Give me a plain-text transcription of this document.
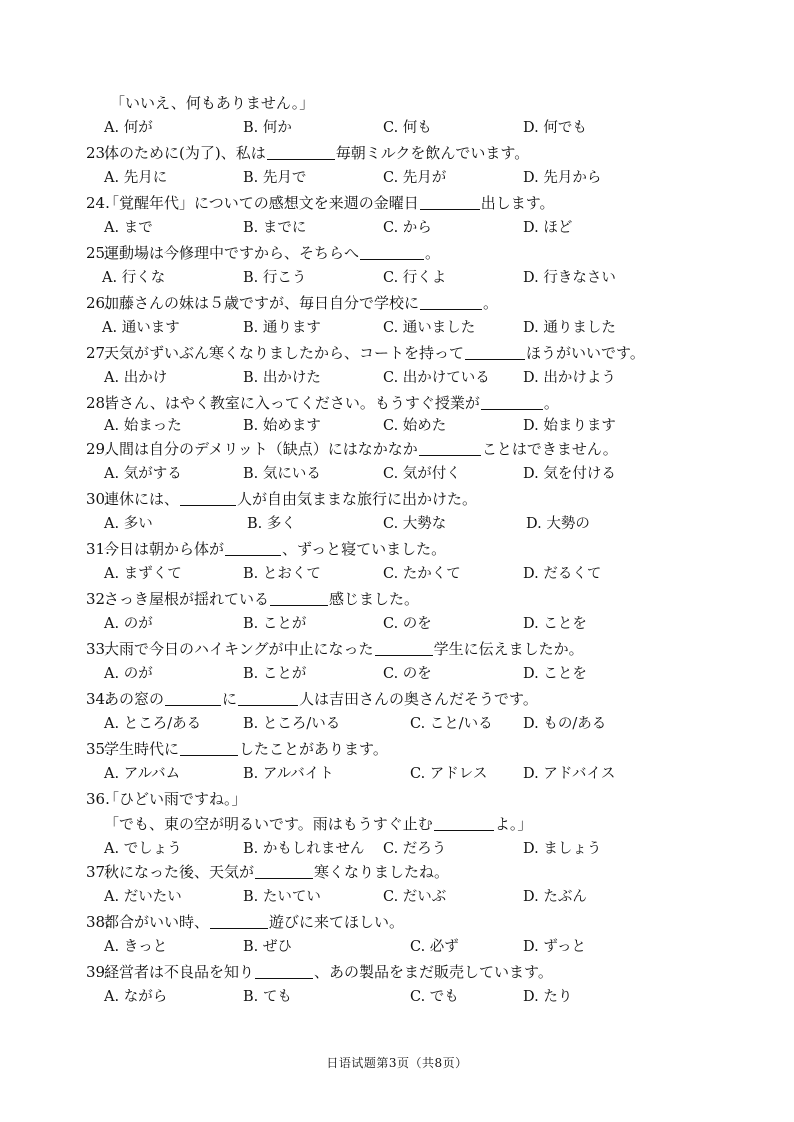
「いいえ、何もありません。」
A. 何が	B. 何か	C. 何も	D. 何でも
23.
体のために(为了)、私は	毎朝ミルクを飲んでいます。
A. 先月に	B. 先月で	C. 先月が	D. 先月から
24.
「覚醒年代」についての感想文を来週の金曜日	出します。
A. まで	B. までに	C. から	D. ほど
25.
運動場は今修理中ですから、そちらへ	。
A. 行くな	B. 行こう	C. 行くよ	D. 行きなさい
26.
加藤さんの妹は５歳ですが、毎日自分で学校に	。
A. 通います	B. 通ります	C. 通いました	D. 通りました
27.
天気がずいぶん寒くなりましたから、コートを持って	ほうがいいです。
A. 出かけ	B. 出かけた	C. 出かけている D. 出かけよう
28.
皆さん、はやく教室に入ってください。もうすぐ授業が	。
A. 始まった	B. 始めます	C. 始めた	D. 始まります
29.
人間は自分のデメリット（缺点）にはなかなか	ことはできません。
A. 気がする	B. 気にいる	C. 気が付く	D. 気を付ける
30.
連休には、	人が自由気ままな旅行に出かけた。
A. 多い	B. 多く	C. 大勢な	D. 大勢の
31.
今日は朝から体が	、ずっと寝ていました。
A. まずくて	B. とおくて	C. たかくて	D. だるくて
32.
さっき屋根が揺れている	感じました。
A. のが	B. ことが	C. のを	D. ことを
33.
大雨で今日のハイキングが中止になった	学生に伝えましたか。
A. のが	B. ことが	C. のを	D. ことを
34.
あの窓の	に	人は吉田さんの奥さんだそうです。
A. ところ/ある	B. ところ/いる	C. こと/いる D. もの/ある
35.
学生時代に	したことがあります。
A. アルバム	B. アルバイト	C. アドレス D. アドバイス
36.
「ひどい雨ですね。」
「でも、東の空が明るいです。雨はもうすぐ止む	よ。」
A. でしょう	B. かもしれません C. だろう	D. ましょう
37.
秋になった後、天気が	寒くなりましたね。
A. だいたい	B. たいてい	C. だいぶ	D. たぶん
38.
都合がいい時、	遊びに来てほしい。
A. きっと	B. ぜひ	C. 必ず	D. ずっと
39.
経営者は不良品を知り	、あの製品をまだ販売しています。
A. ながら	B. ても	C. でも	D. たり
日语试题第3页（共8页）
